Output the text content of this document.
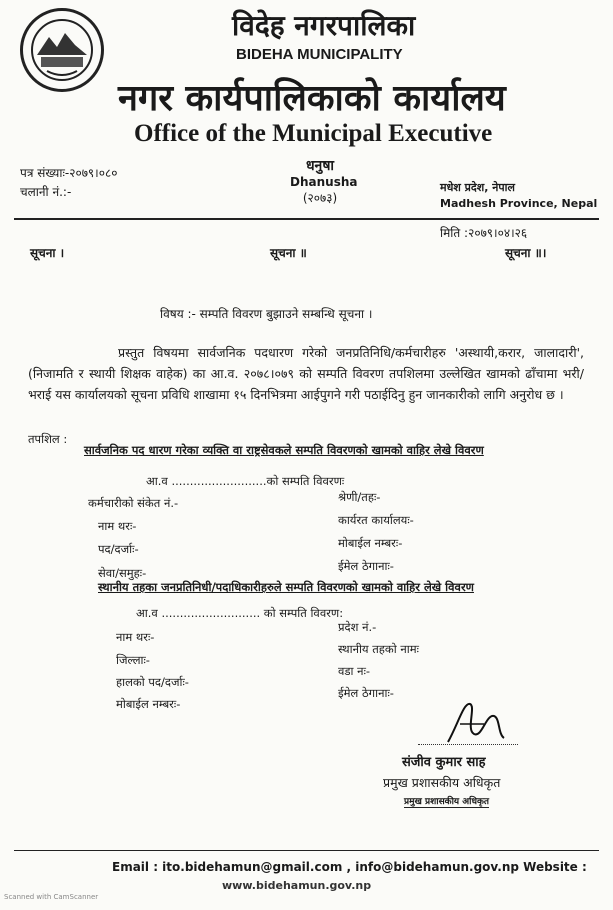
विदेह नगरपालिका
BIDEHA MUNICIPALITY
नगर कार्यपालिकाको कार्यालय
Office of the Municipal Executive
पत्र संख्याः-२०७९।०८०
चलानी नं.:-
धनुषा
Dhanusha
(२०७३)
मधेश प्रदेश, नेपाल
Madhesh Province, Nepal
मिति :२०७९।०४।२६
सूचना ।	सूचना ॥	सूचना ॥।
विषय :- सम्पति विवरण बुझाउने सम्बन्धि सूचना ।
प्रस्तुत विषयमा सार्वजनिक पदधारण गरेको जनप्रतिनिधि/कर्मचारीहरु 'अस्थायी,करार, जालादारी', (निजामति र स्थायी शिक्षक वाहेक) का आ.व. २०७८।०७९ को सम्पति विवरण तपशिलमा उल्लेखित खामको ढाँचामा भरी/भराई यस कार्यालयको सूचना प्रविधि शाखामा १५ दिनभित्रमा आईपुगने गरी पठाईदिनु हुन जानकारीको लागि अनुरोध छ ।
तपशिल :
सार्वजनिक पद धारण गरेका व्यक्ति वा राष्ट्रसेवकले सम्पति विवरणको खामको वाहिर लेखे विवरण
आ.व ..........................को सम्पति विवरणः
कर्मचारीको संकेत नं.-
नाम थरः-
पद/दर्जाः-
सेवा/समुहः-
श्रेणी/तहः-
कार्यरत कार्यालयः-
मोबाईल नम्बरः-
ईमेल ठेगानाः-
स्थानीय तहका जनप्रतिनिधी/पदाधिकारीहरुले सम्पति विवरणको खामको वाहिर लेखे विवरण
आ.व ........................... को सम्पति विवरण:
नाम थरः-
जिल्लाः-
हालको पद/दर्जाः-
मोबाईल नम्बरः-
प्रदेश नं.-
स्थानीय तहको नामः
वडा नः-
ईमेल ठेगानाः-
संजीव कुमार साह
प्रमुख प्रशासकीय अधिकृत
प्रमुख प्रशासकीय अधिकृत
Email : ito.bidehamun@gmail.com , info@bidehamun.gov.np Website :
www.bidehamun.gov.np
Scanned with CamScanner
